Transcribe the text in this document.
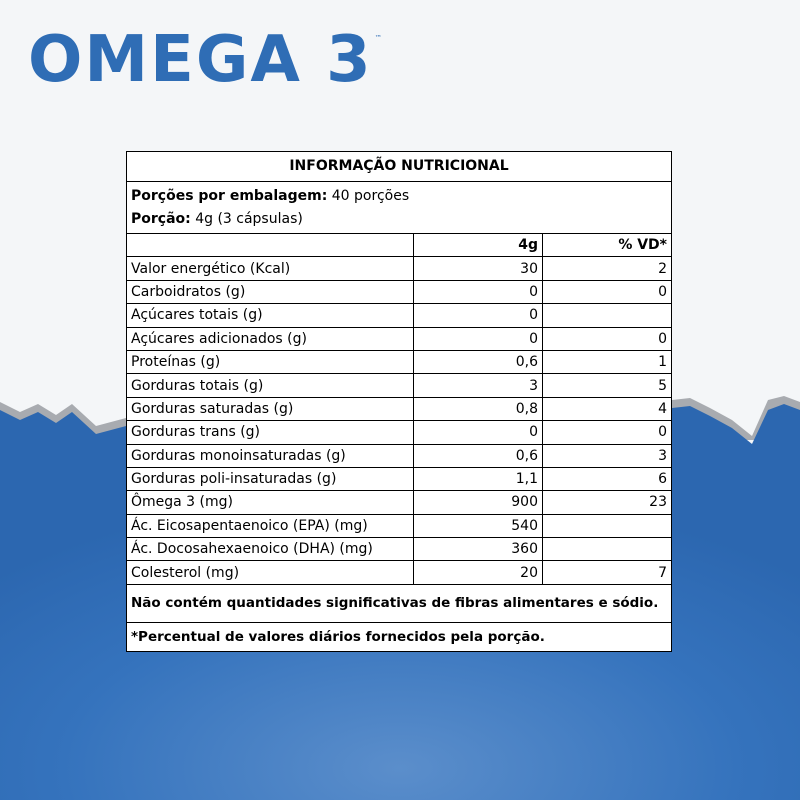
OMEGA 3 ™
INFORMAÇÃO NUTRICIONAL
Porções por embalagem: 40 porções
Porção: 4g (3 cápsulas)
	4g	% VD*
Valor energético (Kcal)	30	2
Carboidratos (g)	0	0
Açúcares totais (g)	0	
Açúcares adicionados (g)	0	0
Proteínas (g)	0,6	1
Gorduras totais (g)	3	5
Gorduras saturadas (g)	0,8	4
Gorduras trans (g)	0	0
Gorduras monoinsaturadas (g)	0,6	3
Gorduras poli-insaturadas (g)	1,1	6
Ômega 3 (mg)	900	23
Ác. Eicosapentaenoico (EPA) (mg)	540	
Ác. Docosahexaenoico (DHA) (mg)	360	
Colesterol (mg)	20	7
Não contém quantidades significativas de fibras alimentares e sódio.
*Percentual de valores diários fornecidos pela porção.
